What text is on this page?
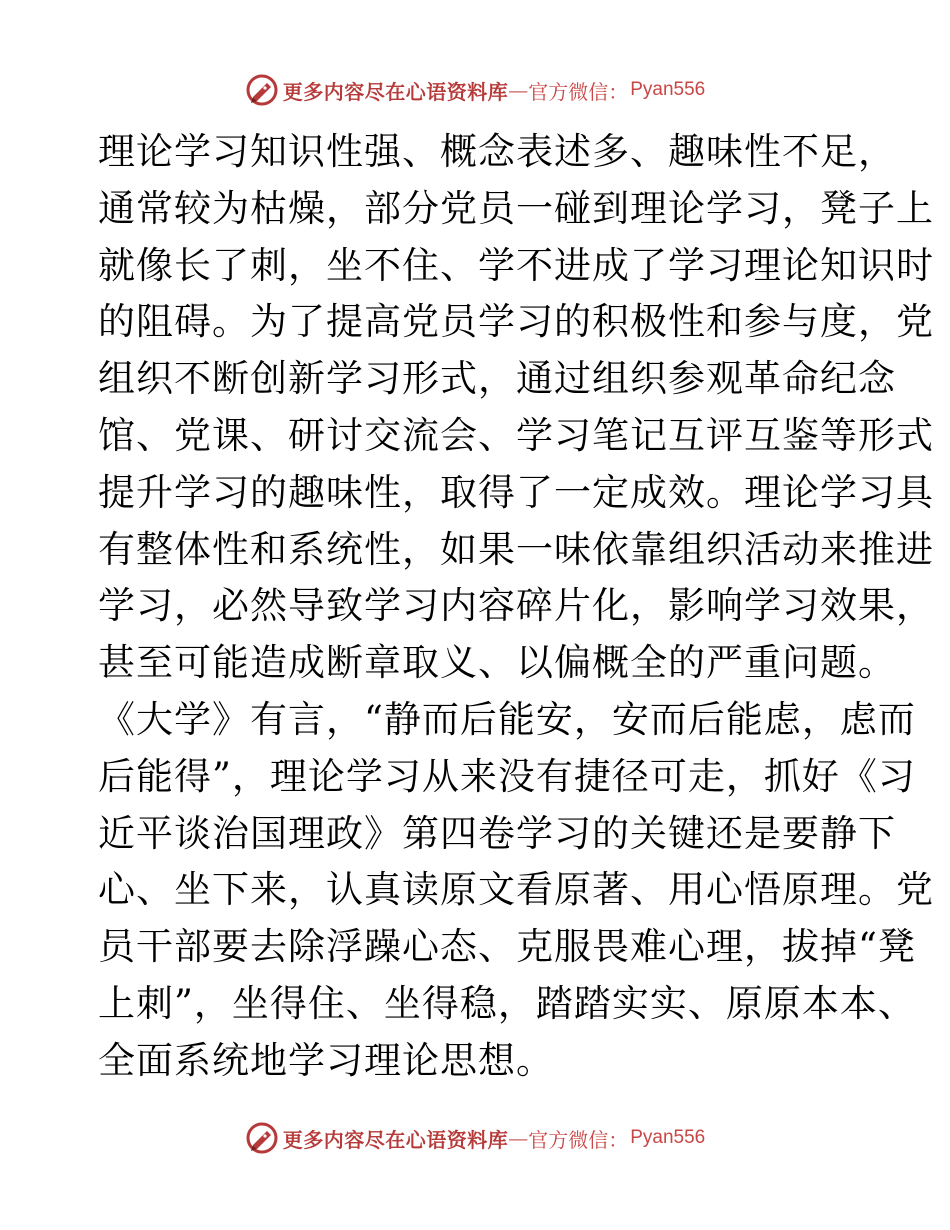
更多内容尽在心语资料库 — 官方微信： Pyan556
理论学习知识性强、概念表述多、趣味性不足，
通常较为枯燥，部分党员一碰到理论学习，凳子上
就像长了刺，坐不住、学不进成了学习理论知识时
的阻碍。为了提高党员学习的积极性和参与度，党
组织不断创新学习形式，通过组织参观革命纪念
馆、党课、研讨交流会、学习笔记互评互鉴等形式
提升学习的趣味性，取得了一定成效。理论学习具
有整体性和系统性，如果一味依靠组织活动来推进
学习，必然导致学习内容碎片化，影响学习效果，
甚至可能造成断章取义、以偏概全的严重问题。
《大学》有言，“静而后能安，安而后能虑，虑而
后能得”，理论学习从来没有捷径可走，抓好《习
近平谈治国理政》第四卷学习的关键还是要静下
心、坐下来，认真读原文看原著、用心悟原理。党
员干部要去除浮躁心态、克服畏难心理，拔掉“凳
上刺”，坐得住、坐得稳，踏踏实实、原原本本、
全面系统地学习理论思想。
更多内容尽在心语资料库 — 官方微信： Pyan556
